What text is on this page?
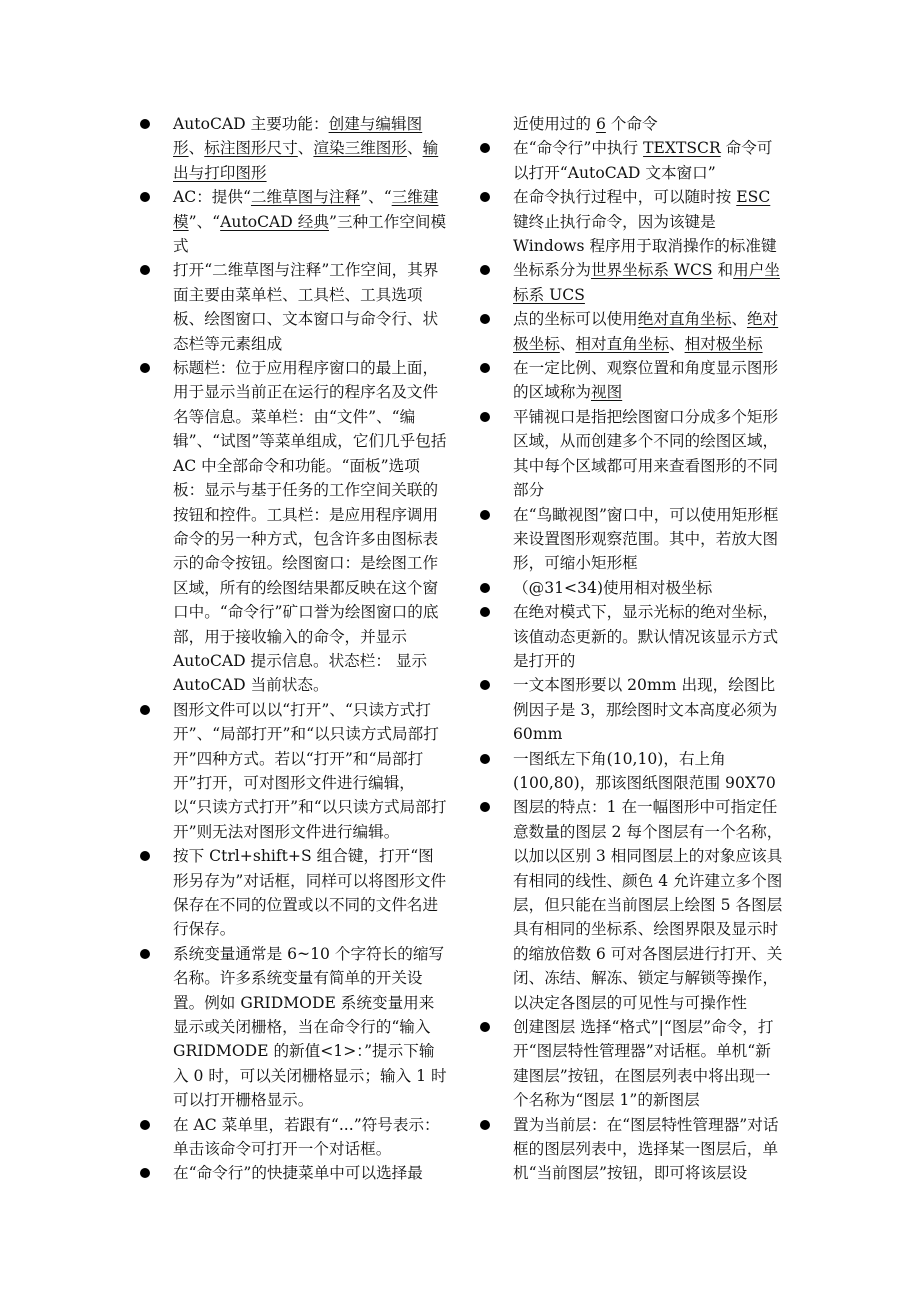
AutoCAD 主要功能：创建与编辑图形、标注图形尺寸、渲染三维图形、输出与打印图形
AC：提供“二维草图与注释”、“三维建模”、“AutoCAD 经典”三种工作空间模式
打开“二维草图与注释”工作空间，其界面主要由菜单栏、工具栏、工具选项板、绘图窗口、文本窗口与命令行、状态栏等元素组成
标题栏：位于应用程序窗口的最上面，用于显示当前正在运行的程序名及文件名等信息。菜单栏：由“文件”、“编辑”、“试图”等菜单组成，它们几乎包括 AC 中全部命令和功能。“面板”选项板：显示与基于任务的工作空间关联的按钮和控件。工具栏：是应用程序调用命令的另一种方式，包含许多由图标表示的命令按钮。绘图窗口：是绘图工作区域，所有的绘图结果都反映在这个窗口中。“命令行”矿口誉为绘图窗口的底部，用于接收输入的命令，并显示 AutoCAD 提示信息。状态栏： 显示 AutoCAD 当前状态。
图形文件可以以“打开”、“只读方式打开”、“局部打开”和“以只读方式局部打开”四种方式。若以“打开”和“局部打开”打开，可对图形文件进行编辑，以“只读方式打开”和“以只读方式局部打开”则无法对图形文件进行编辑。
按下 Ctrl+shift+S 组合键，打开“图形另存为”对话框，同样可以将图形文件保存在不同的位置或以不同的文件名进行保存。
系统变量通常是 6~10 个字符长的缩写名称。许多系统变量有简单的开关设置。例如 GRIDMODE 系统变量用来显示或关闭栅格，当在命令行的“输入 GRIDMODE 的新值<1>：”提示下输入 0 时，可以关闭栅格显示；输入 1 时可以打开栅格显示。
在 AC 菜单里，若跟有“...”符号表示：单击该命令可打开一个对话框。
在“命令行”的快捷菜单中可以选择最
近使用过的 6 个命令
在“命令行”中执行 TEXTSCR 命令可以打开“AutoCAD 文本窗口”
在命令执行过程中，可以随时按 ESC 键终止执行命令，因为该键是 Windows 程序用于取消操作的标准键
坐标系分为世界坐标系 WCS 和用户坐标系 UCS
点的坐标可以使用绝对直角坐标、绝对极坐标、相对直角坐标、相对极坐标
在一定比例、观察位置和角度显示图形的区域称为视图
平铺视口是指把绘图窗口分成多个矩形区域，从而创建多个不同的绘图区域，其中每个区域都可用来查看图形的不同部分
在“鸟瞰视图”窗口中，可以使用矩形框来设置图形观察范围。其中，若放大图形，可缩小矩形框
（@31<34)使用相对极坐标
在绝对模式下，显示光标的绝对坐标，该值动态更新的。默认情况该显示方式是打开的
一文本图形要以 20mm 出现，绘图比例因子是 3，那绘图时文本高度必须为 60mm
一图纸左下角(10,10)，右上角(100,80)，那该图纸图限范围 90X70
图层的特点：1 在一幅图形中可指定任意数量的图层 2 每个图层有一个名称，以加以区别 3 相同图层上的对象应该具有相同的线性、颜色 4 允许建立多个图层，但只能在当前图层上绘图 5 各图层具有相同的坐标系、绘图界限及显示时的缩放倍数 6 可对各图层进行打开、关闭、冻结、解冻、锁定与解锁等操作，以决定各图层的可见性与可操作性
创建图层 选择“格式”|“图层”命令，打开“图层特性管理器”对话框。单机“新建图层”按钮，在图层列表中将出现一个名称为“图层 1”的新图层
置为当前层：在“图层特性管理器”对话框的图层列表中，选择某一图层后，单机“当前图层”按钮，即可将该层设
